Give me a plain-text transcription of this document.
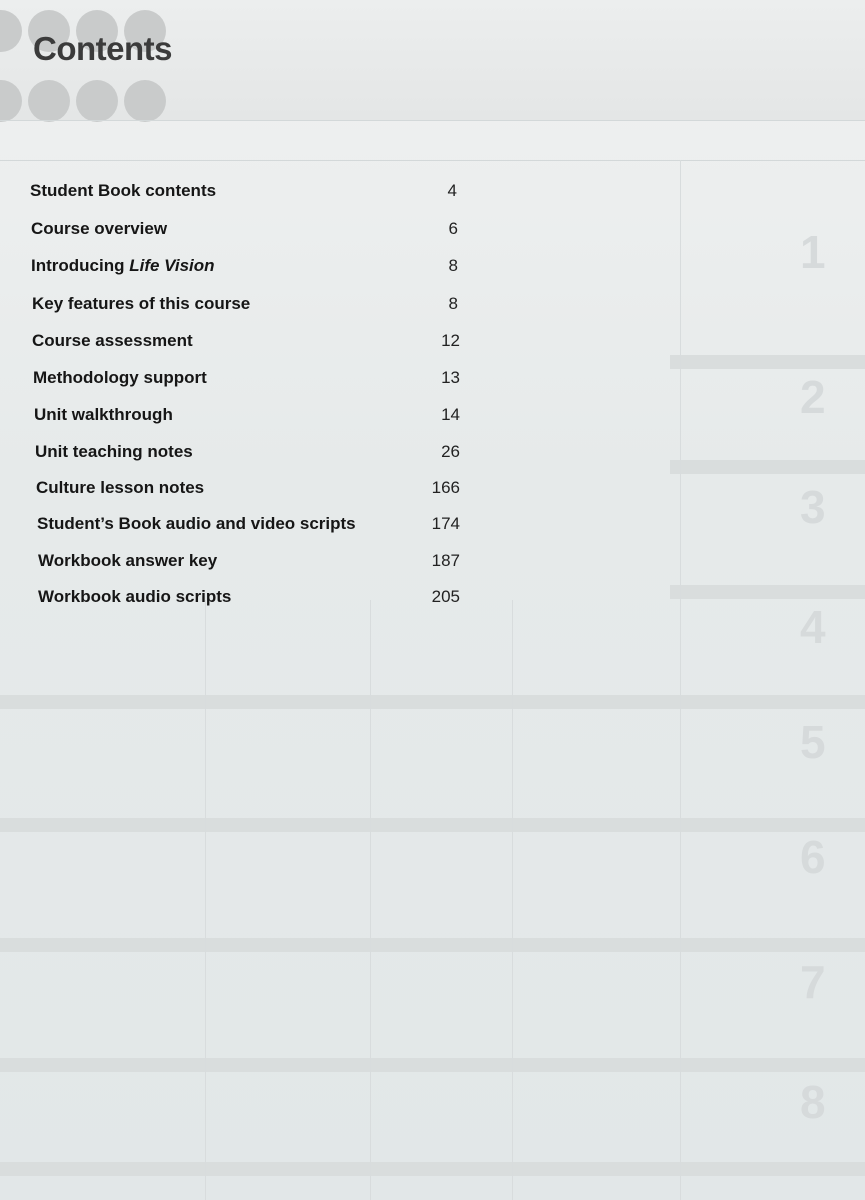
1
2
3
4
5
6
7
8
Contents
Student Book contents	4
Course overview	6
Introducing Life Vision	8
Key features of this course	8
Course assessment	12
Methodology support	13
Unit walkthrough	14
Unit teaching notes	26
Culture lesson notes	166
Student’s Book audio and video scripts	174
Workbook answer key	187
Workbook audio scripts	205
